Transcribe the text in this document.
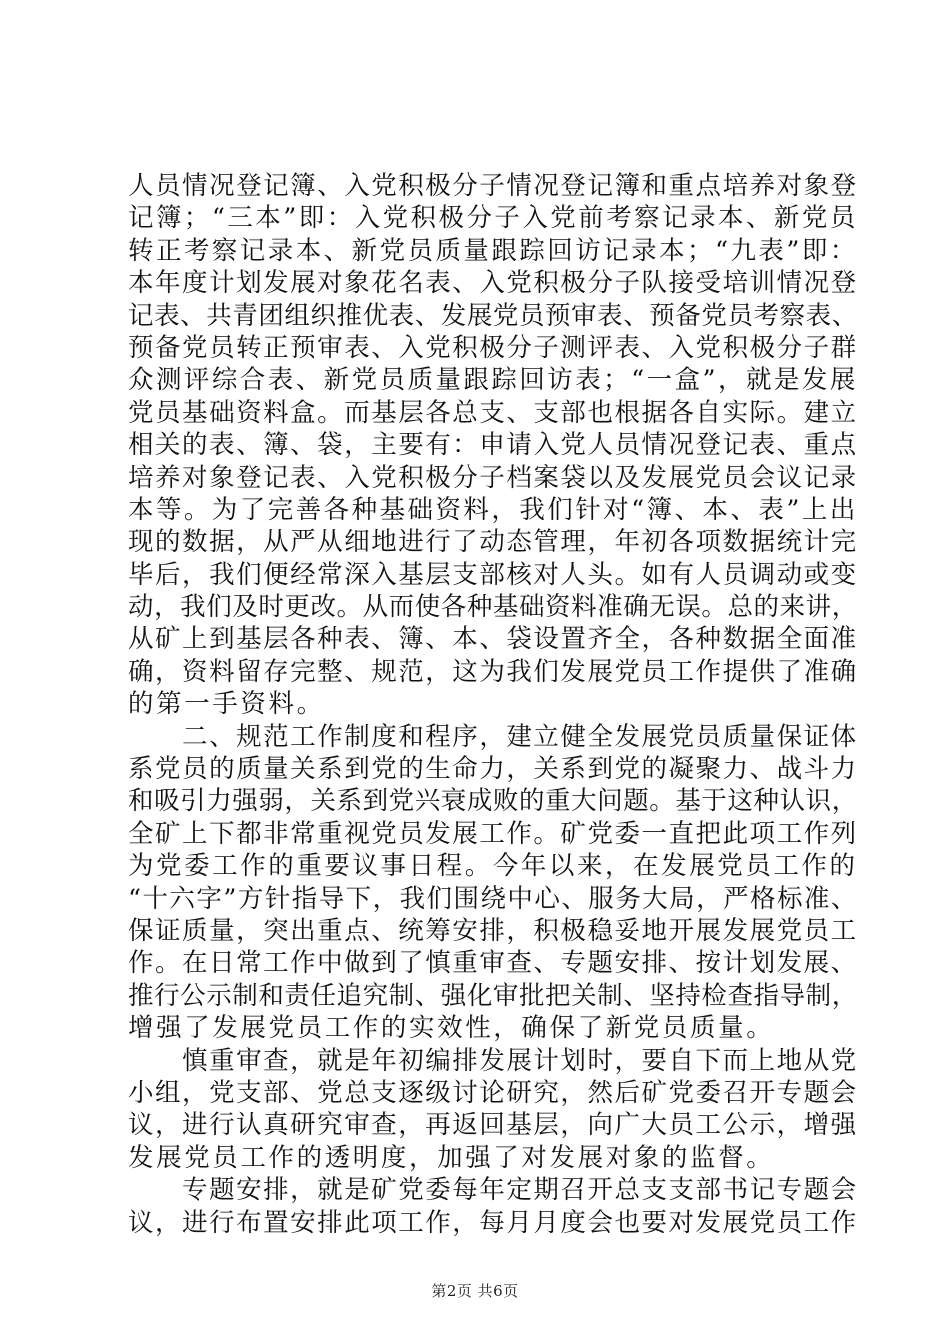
人员情况登记簿、入党积极分子情况登记簿和重点培养对象登
记簿；“三本”即：入党积极分子入党前考察记录本、新党员
转正考察记录本、新党员质量跟踪回访记录本；“九表”即：
本年度计划发展对象花名表、入党积极分子队接受培训情况登
记表、共青团组织推优表、发展党员预审表、预备党员考察表、
预备党员转正预审表、入党积极分子测评表、入党积极分子群
众测评综合表、新党员质量跟踪回访表；“一盒”，就是发展
党员基础资料盒。而基层各总支、支部也根据各自实际。建立
相关的表、簿、袋，主要有：申请入党人员情况登记表、重点
培养对象登记表、入党积极分子档案袋以及发展党员会议记录
本等。为了完善各种基础资料，我们针对“簿、本、表”上出
现的数据，从严从细地进行了动态管理，年初各项数据统计完
毕后，我们便经常深入基层支部核对人头。如有人员调动或变
动，我们及时更改。从而使各种基础资料准确无误。总的来讲，
从矿上到基层各种表、簿、本、袋设置齐全，各种数据全面准
确，资料留存完整、规范，这为我们发展党员工作提供了准确
的第一手资料。
　　二、规范工作制度和程序，建立健全发展党员质量保证体
系党员的质量关系到党的生命力，关系到党的凝聚力、战斗力
和吸引力强弱，关系到党兴衰成败的重大问题。基于这种认识，
全矿上下都非常重视党员发展工作。矿党委一直把此项工作列
为党委工作的重要议事日程。今年以来，在发展党员工作的
“十六字”方针指导下，我们围绕中心、服务大局，严格标准、
保证质量，突出重点、统筹安排，积极稳妥地开展发展党员工
作。在日常工作中做到了慎重审查、专题安排、按计划发展、
推行公示制和责任追究制、强化审批把关制、坚持检查指导制，
增强了发展党员工作的实效性，确保了新党员质量。
　　慎重审查，就是年初编排发展计划时，要自下而上地从党
小组，党支部、党总支逐级讨论研究，然后矿党委召开专题会
议，进行认真研究审查，再返回基层，向广大员工公示，增强
发展党员工作的透明度，加强了对发展对象的监督。
　　专题安排，就是矿党委每年定期召开总支支部书记专题会
议，进行布置安排此项工作，每月月度会也要对发展党员工作
第2页 共6页
